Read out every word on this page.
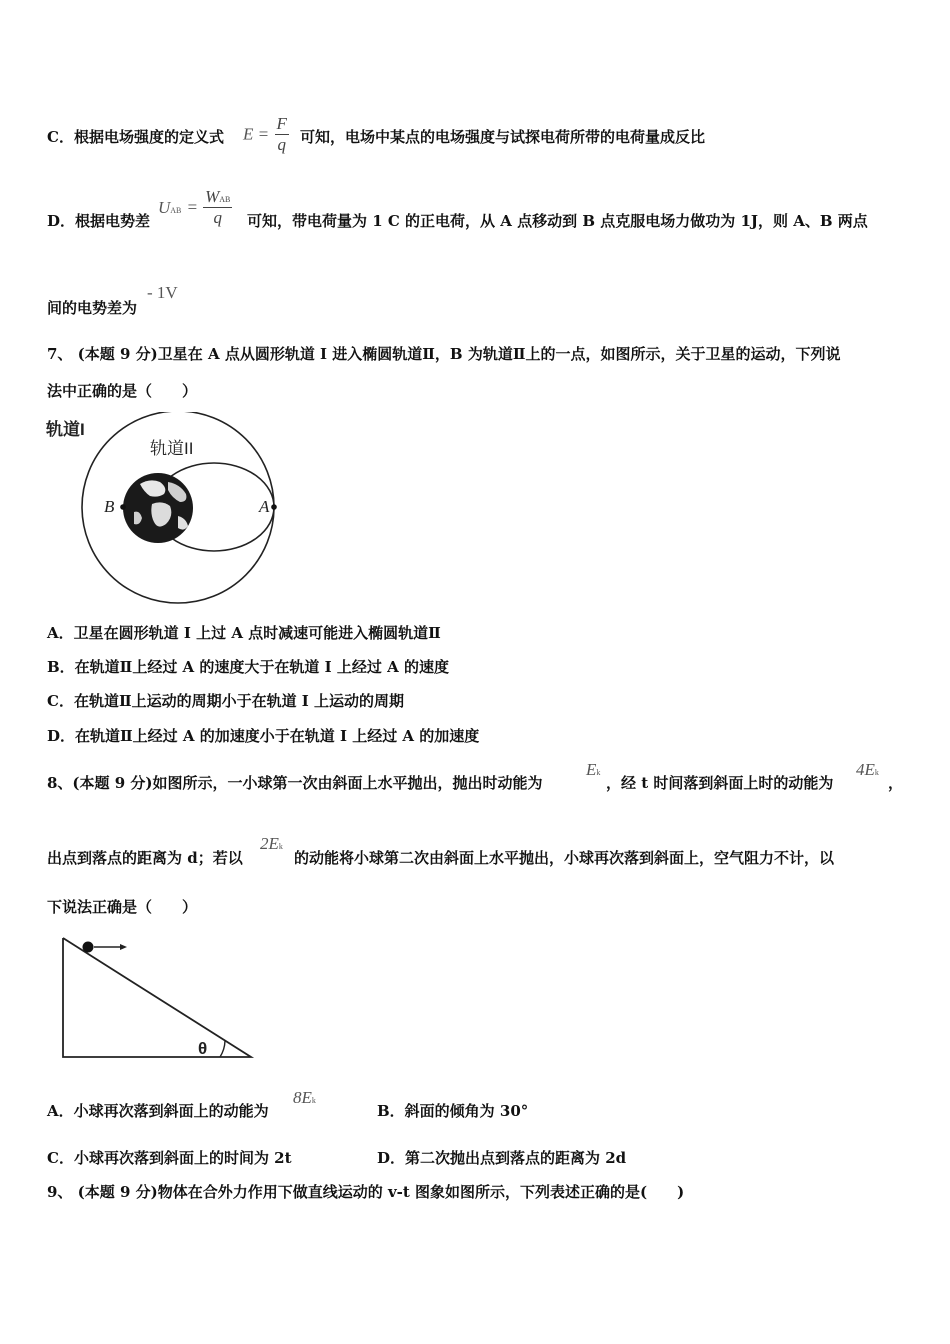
C．根据电场强度的定义式 $E = \frac{F}{q}$ 可知，电场中某点的电场强度与试探电荷所带的电荷量成反比
D．根据电势差
UAB = $\frac{\text{WAB}}{q}$ 可知，带电荷量为 1 C 的正电荷，从 A 点移动到 B 点克服电场力做功为 1J，则 A、B 两点
间的电势差为
- 1V
7、 (本题 9 分)卫星在 A 点从圆形轨道 I 进入椭圆轨道Ⅱ，B 为轨道Ⅱ上的一点，如图所示，关于卫星的运动，下列说
法中正确的是（　　）
轨道I
轨道II
B	A
A．卫星在圆形轨道 I 上过 A 点时减速可能进入椭圆轨道Ⅱ
B．在轨道Ⅱ上经过 A 的速度大于在轨道 I 上经过 A 的速度
C．在轨道Ⅱ上运动的周期小于在轨道 I 上运动的周期
D．在轨道Ⅱ上经过 A 的加速度小于在轨道 I 上经过 A 的加速度
8、(本题 9 分)如图所示，一小球第一次由斜面上水平抛出，抛出时动能为
Ek
，经 t 时间落到斜面上时的动能为
4Ek
，
出点到落点的距离为 d；若以
2Ek
的动能将小球第二次由斜面上水平抛出，小球再次落到斜面上，空气阻力不计，以
下说法正确是（　　）
θ
A．小球再次落到斜面上的动能为
8Ek
B．斜面的倾角为 30°
C．小球再次落到斜面上的时间为 2t	D．第二次抛出点到落点的距离为 2d
9、 (本题 9 分)物体在合外力作用下做直线运动的 v-t 图象如图所示，下列表述正确的是(　　)
